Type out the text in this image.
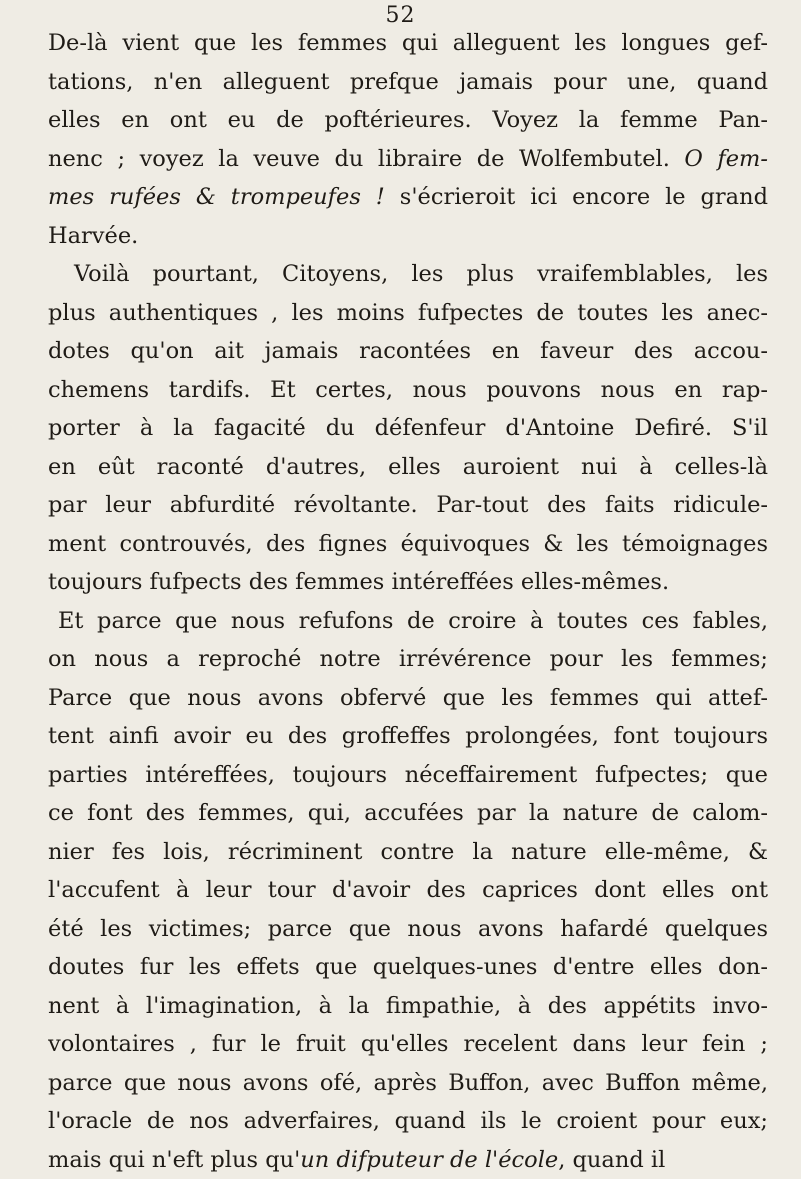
52
De-là vient que les femmes qui alleguent les longues gef-
tations, n'en alleguent prefque jamais pour une, quand
elles en ont eu de poftérieures. Voyez la femme Pan-
nenc ; voyez la veuve du libraire de Wolfembutel. O fem-
mes rufées & trompeufes ! s'écrieroit ici encore le grand
Harvée.
Voilà pourtant, Citoyens, les plus vraifemblables, les
plus authentiques , les moins fufpectes de toutes les anec-
dotes qu'on ait jamais racontées en faveur des accou-
chemens tardifs. Et certes, nous pouvons nous en rap-
porter à la fagacité du défenfeur d'Antoine Defiré. S'il
en eût raconté d'autres, elles auroient nui à celles-là
par leur abfurdité révoltante. Par-tout des faits ridicule-
ment controuvés, des fignes équivoques & les témoignages
toujours fufpects des femmes intéreffées elles-mêmes.
Et parce que nous refufons de croire à toutes ces fables,
on nous a reproché notre irrévérence pour les femmes;
Parce que nous avons obfervé que les femmes qui attef-
tent ainfi avoir eu des groffeffes prolongées, font toujours
parties intéreffées, toujours néceffairement fufpectes; que
ce font des femmes, qui, accufées par la nature de calom-
nier fes lois, récriminent contre la nature elle-même, &
l'accufent à leur tour d'avoir des caprices dont elles ont
été les victimes; parce que nous avons hafardé quelques
doutes fur les effets que quelques-unes d'entre elles don-
nent à l'imagination, à la fimpathie, à des appétits invo-
volontaires , fur le fruit qu'elles recelent dans leur fein ;
parce que nous avons ofé, après Buffon, avec Buffon même,
l'oracle de nos adverfaires, quand ils le croient pour eux;
mais qui n'eft plus qu'un difputeur de l'école, quand il
